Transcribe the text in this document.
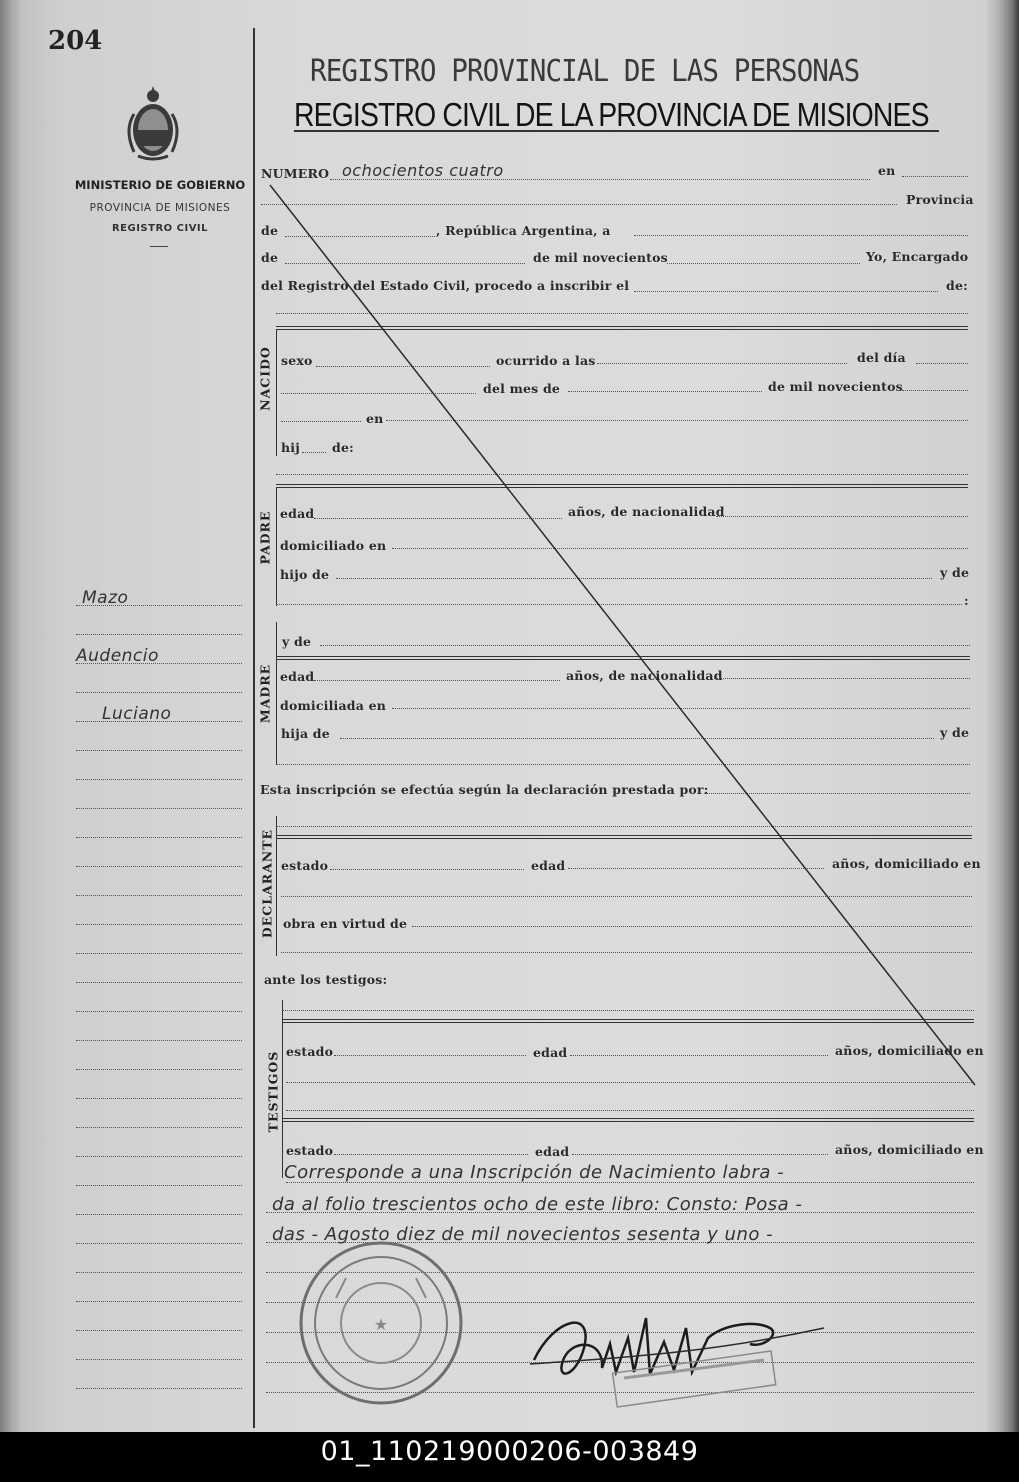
204
MINISTERIO DE GOBIERNO
PROVINCIA DE MISIONES
REGISTRO CIVIL
Mazo
Audencio
Luciano
REGISTRO PROVINCIAL DE LAS PERSONAS
REGISTRO CIVIL DE LA PROVINCIA DE MISIONES
NUMERO ochocientos cuatro	en
Provincia
de	, República Argentina, a
de	de mil novecientos	Yo, Encargado
del Registro del Estado Civil, procedo a inscribir el	de:
NACIDO sexo	ocurrido a las	del día
del mes de	de mil novecientos
en
hij	de:
PADRE edad	años, de nacionalidad
domiciliado en
hijo de	y de
:
y de
MADRE edad	años, de nacionalidad
domiciliada en
hija de	y de
Esta inscripción se efectúa según la declaración prestada por:
DECLARANTE estado	edad	años, domiciliado en
obra en virtud de
ante los testigos:
TESTIGOS estado	edad	años, domiciliado en
estado	edad	años, domiciliado en
Corresponde a una Inscripción de Nacimiento labra -
da al folio trescientos ocho de este libro: Consto: Posa -
das - Agosto diez de mil novecientos sesenta y uno -
★
01_110219000206-003849
